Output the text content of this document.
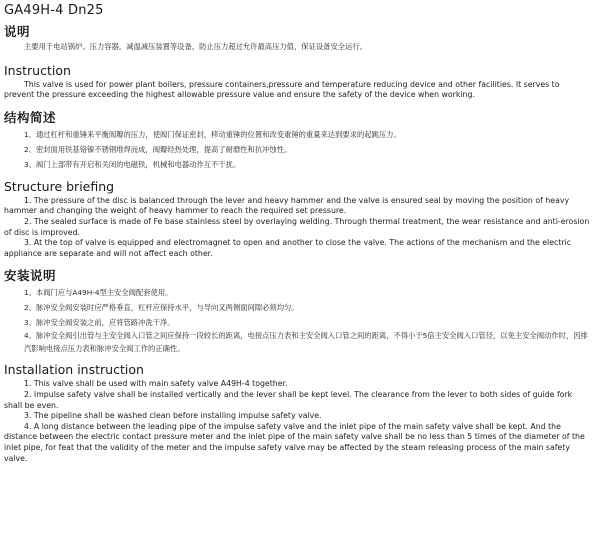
GA49H-4 Dn25
说明

主要用于电站锅炉、压力容器，减温减压装置等设备，防止压力超过允许最高压力值，保证设备安全运行。

Instruction

This valve is used for power plant boilers, pressure containers,pressure and temperature reducing device and other facilities. It serves to prevent the pressure exceeding the highest allowable pressure value and ensure the safety of the device when working.

结构简述

1、通过杠杆和重锤来平衡阀瓣的压力，使阀门保证密封，移动重锤的位置和改变重锤的重量来达到要求的起跳压力。

2、密封面用铁基铬镍不锈钢堆焊而成，阀瓣经热处理，提高了耐磨性和抗冲蚀性。

3、阀门上部带有开启和关闭的电磁铁，机械和电器动作互不干扰。

Structure briefing

1. The pressure of the disc is balanced through the lever and heavy hammer and the valve is ensured seal by moving the position of heavy hammer and changing the weight of heavy hammer to reach the required set pressure.

2. The sealed surface is made of Fe base stainless steel by overlaying welding. Through thermal treatment, the wear resistance and anti-erosion of disc is improved.

3. At the top of valve is equipped and electromagnet to open and another to close the valve. The actions of the mechanism and the electric appliance are separate and will not affect each other.

安装说明

1、本阀门应与A49H-4型主安全阀配套使用。

2、脉冲安全阀安装时应严格垂直，杠杆应保持水平，与导向叉两侧面间隙必须均匀。

3、脉冲安全阀安装之前，应将管路冲洗干净。

4、脉冲安全阀引出管与主安全阀入口管之间应保持一段较长的距离，电接点压力表和主安全阀入口管之间的距离，不得小于5倍主安全阀入口管径，以免主安全阀动作时，因排汽影响电接点压力表和脉冲安全阀工作的正确性。

Installation instruction

1. This valve shall be used with main safety valve A49H-4 together.

2. Impulse safety valve shall be installed vertically and the lever shall be kept level. The clearance from the lever to both sides of guide fork shall be even.

3. The pipeline shall be washed clean before installing impulse safety valve.

4. A long distance between the leading pipe of the impulse safety valve and the inlet pipe of the main safety valve shall be kept. And the distance between the electric contact pressure meter and the inlet pipe of the main safety valve shall be no less than 5 times of the diameter of the inlet pipe, for feat that the validity of the meter and the impulse safety valve may be affected by the steam releasing process of the main safety valve.
